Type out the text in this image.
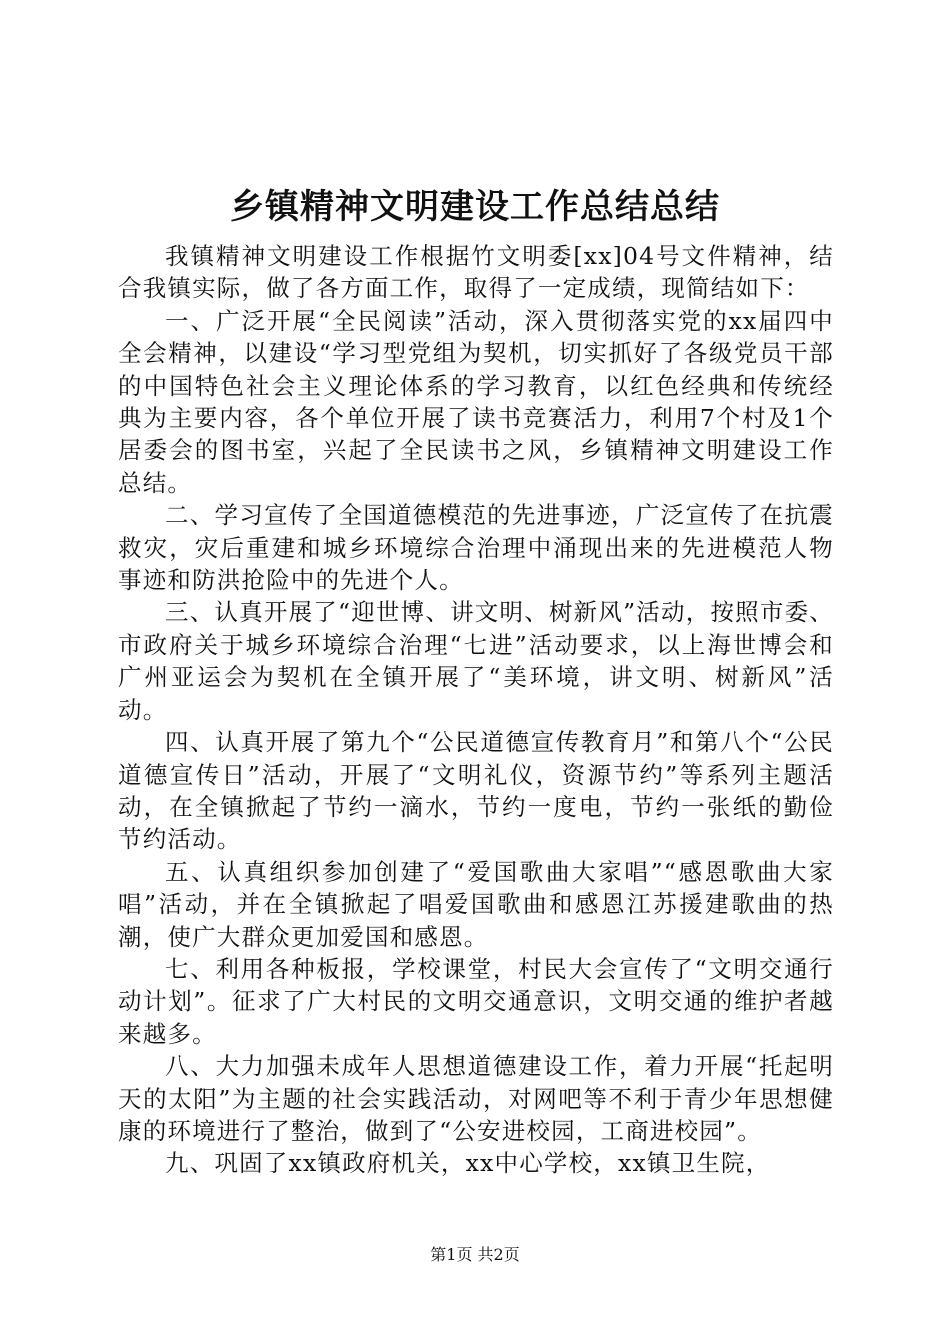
乡镇精神文明建设工作总结总结

我镇精神文明建设工作根据竹文明委[xx]04号文件精神，结合我镇实际，做了各方面工作，取得了一定成绩，现简结如下：

一、广泛开展“全民阅读”活动，深入贯彻落实党的xx届四中全会精神，以建设“学习型党组为契机，切实抓好了各级党员干部的中国特色社会主义理论体系的学习教育，以红色经典和传统经典为主要内容，各个单位开展了读书竞赛活力，利用7个村及1个居委会的图书室，兴起了全民读书之风，乡镇精神文明建设工作总结。

二、学习宣传了全国道德模范的先进事迹，广泛宣传了在抗震救灾，灾后重建和城乡环境综合治理中涌现出来的先进模范人物事迹和防洪抢险中的先进个人。

三、认真开展了“迎世博、讲文明、树新风”活动，按照市委、市政府关于城乡环境综合治理“七进”活动要求，以上海世博会和广州亚运会为契机在全镇开展了“美环境，讲文明、树新风”活动。

四、认真开展了第九个“公民道德宣传教育月”和第八个“公民道德宣传日”活动，开展了“文明礼仪，资源节约”等系列主题活动，在全镇掀起了节约一滴水，节约一度电，节约一张纸的勤俭节约活动。

五、认真组织参加创建了“爱国歌曲大家唱”“感恩歌曲大家唱”活动，并在全镇掀起了唱爱国歌曲和感恩江苏援建歌曲的热潮，使广大群众更加爱国和感恩。

七、利用各种板报，学校课堂，村民大会宣传了“文明交通行动计划”。征求了广大村民的文明交通意识，文明交通的维护者越来越多。

八、大力加强未成年人思想道德建设工作，着力开展“托起明天的太阳”为主题的社会实践活动，对网吧等不利于青少年思想健康的环境进行了整治，做到了“公安进校园，工商进校园”。

九、巩固了xx镇政府机关，xx中心学校，xx镇卫生院，

第1页 共2页
